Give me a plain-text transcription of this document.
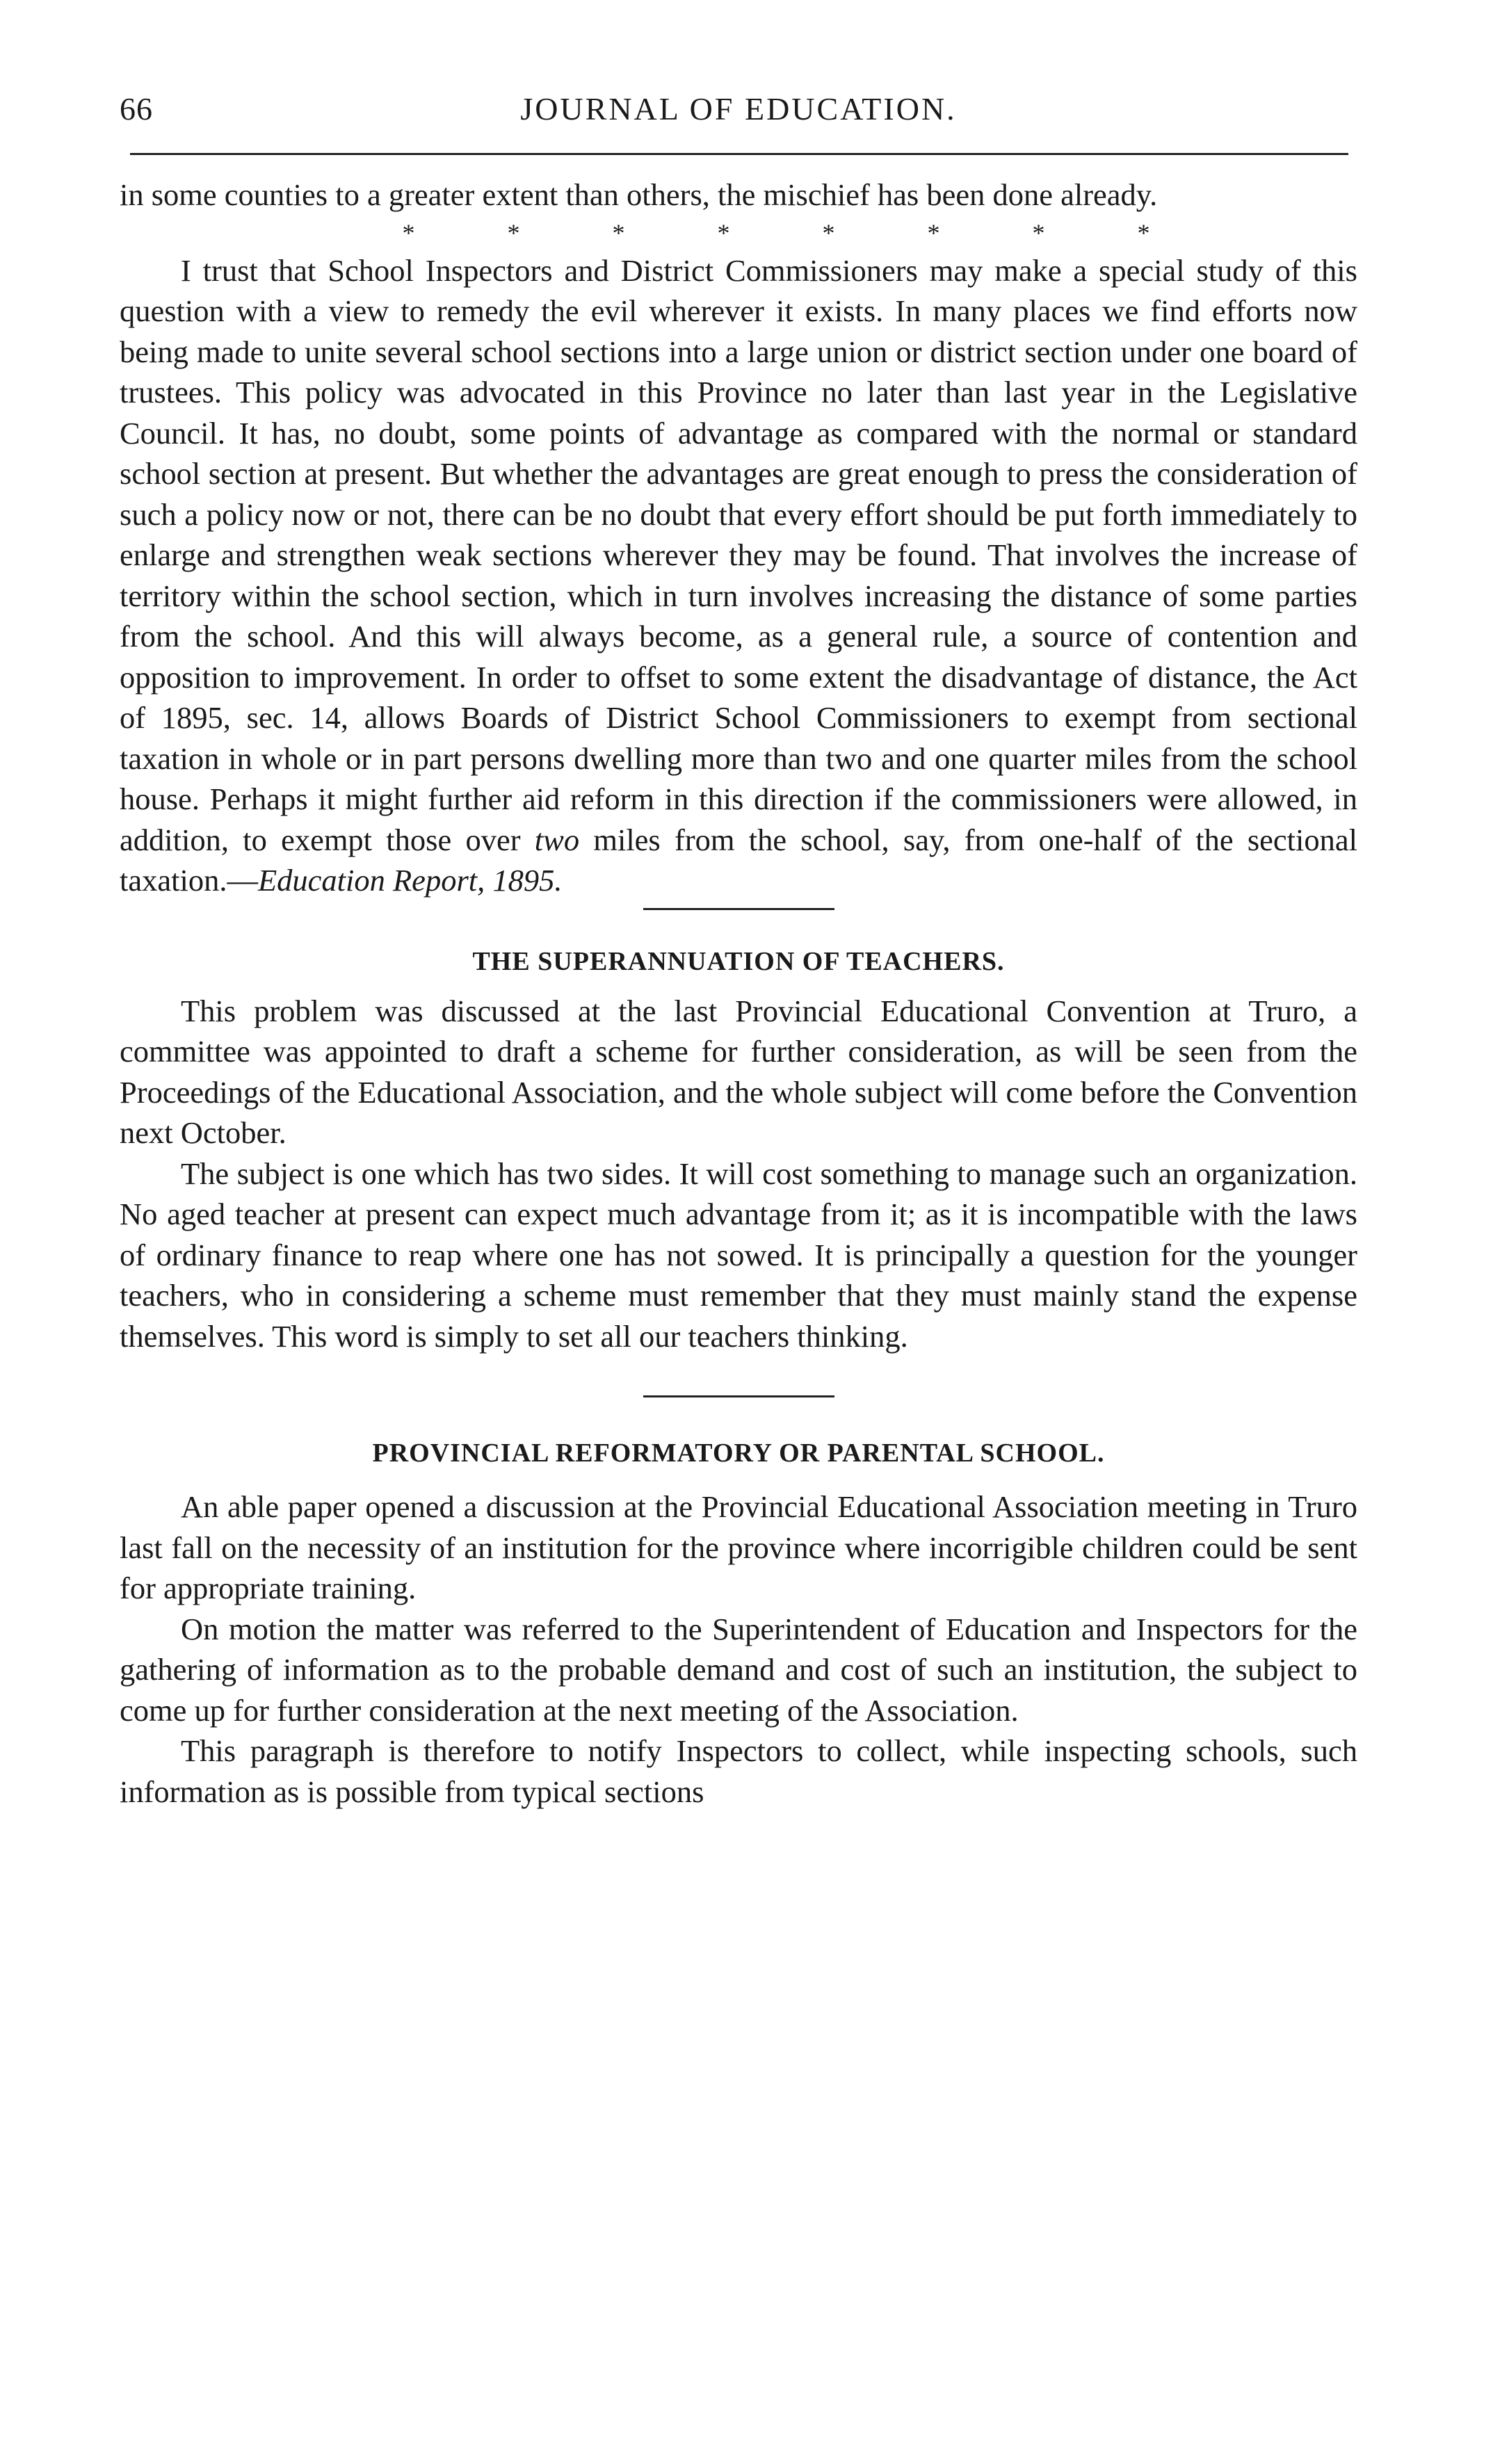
66	JOURNAL OF EDUCATION.

in some counties to a greater extent than others, the mischief has been done already.

* * * * * * * *

I trust that School Inspectors and District Commissioners may make a special study of this question with a view to remedy the evil wherever it exists. In many places we find efforts now being made to unite several school sections into a large union or district section under one board of trustees. This policy was advocated in this Province no later than last year in the Legislative Council. It has, no doubt, some points of advantage as compared with the normal or standard school section at present. But whether the advantages are great enough to press the consideration of such a policy now or not, there can be no doubt that every effort should be put forth immediately to enlarge and strengthen weak sections wherever they may be found. That involves the increase of territory within the school section, which in turn involves increasing the distance of some parties from the school. And this will always become, as a general rule, a source of contention and opposition to improvement. In order to offset to some extent the disadvantage of distance, the Act of 1895, sec. 14, allows Boards of District School Commissioners to exempt from sectional taxation in whole or in part persons dwelling more than two and one quarter miles from the school house. Perhaps it might further aid reform in this direction if the commissioners were allowed, in addition, to exempt those over two miles from the school, say, from one-half of the sectional taxation.—Education Report, 1895.

THE SUPERANNUATION OF TEACHERS.

This problem was discussed at the last Provincial Educational Convention at Truro, a committee was appointed to draft a scheme for further consideration, as will be seen from the Proceedings of the Educational Association, and the whole subject will come before the Convention next October.

The subject is one which has two sides. It will cost something to manage such an organization. No aged teacher at present can expect much advantage from it; as it is incompatible with the laws of ordinary finance to reap where one has not sowed. It is principally a question for the younger teachers, who in considering a scheme must remember that they must mainly stand the expense themselves. This word is simply to set all our teachers thinking.

PROVINCIAL REFORMATORY OR PARENTAL SCHOOL.

An able paper opened a discussion at the Provincial Educational Association meeting in Truro last fall on the necessity of an institution for the province where incorrigible children could be sent for appropriate training.

On motion the matter was referred to the Superintendent of Education and Inspectors for the gathering of information as to the probable demand and cost of such an institution, the subject to come up for further consideration at the next meeting of the Association.

This paragraph is therefore to notify Inspectors to collect, while inspecting schools, such information as is possible from typical sections
